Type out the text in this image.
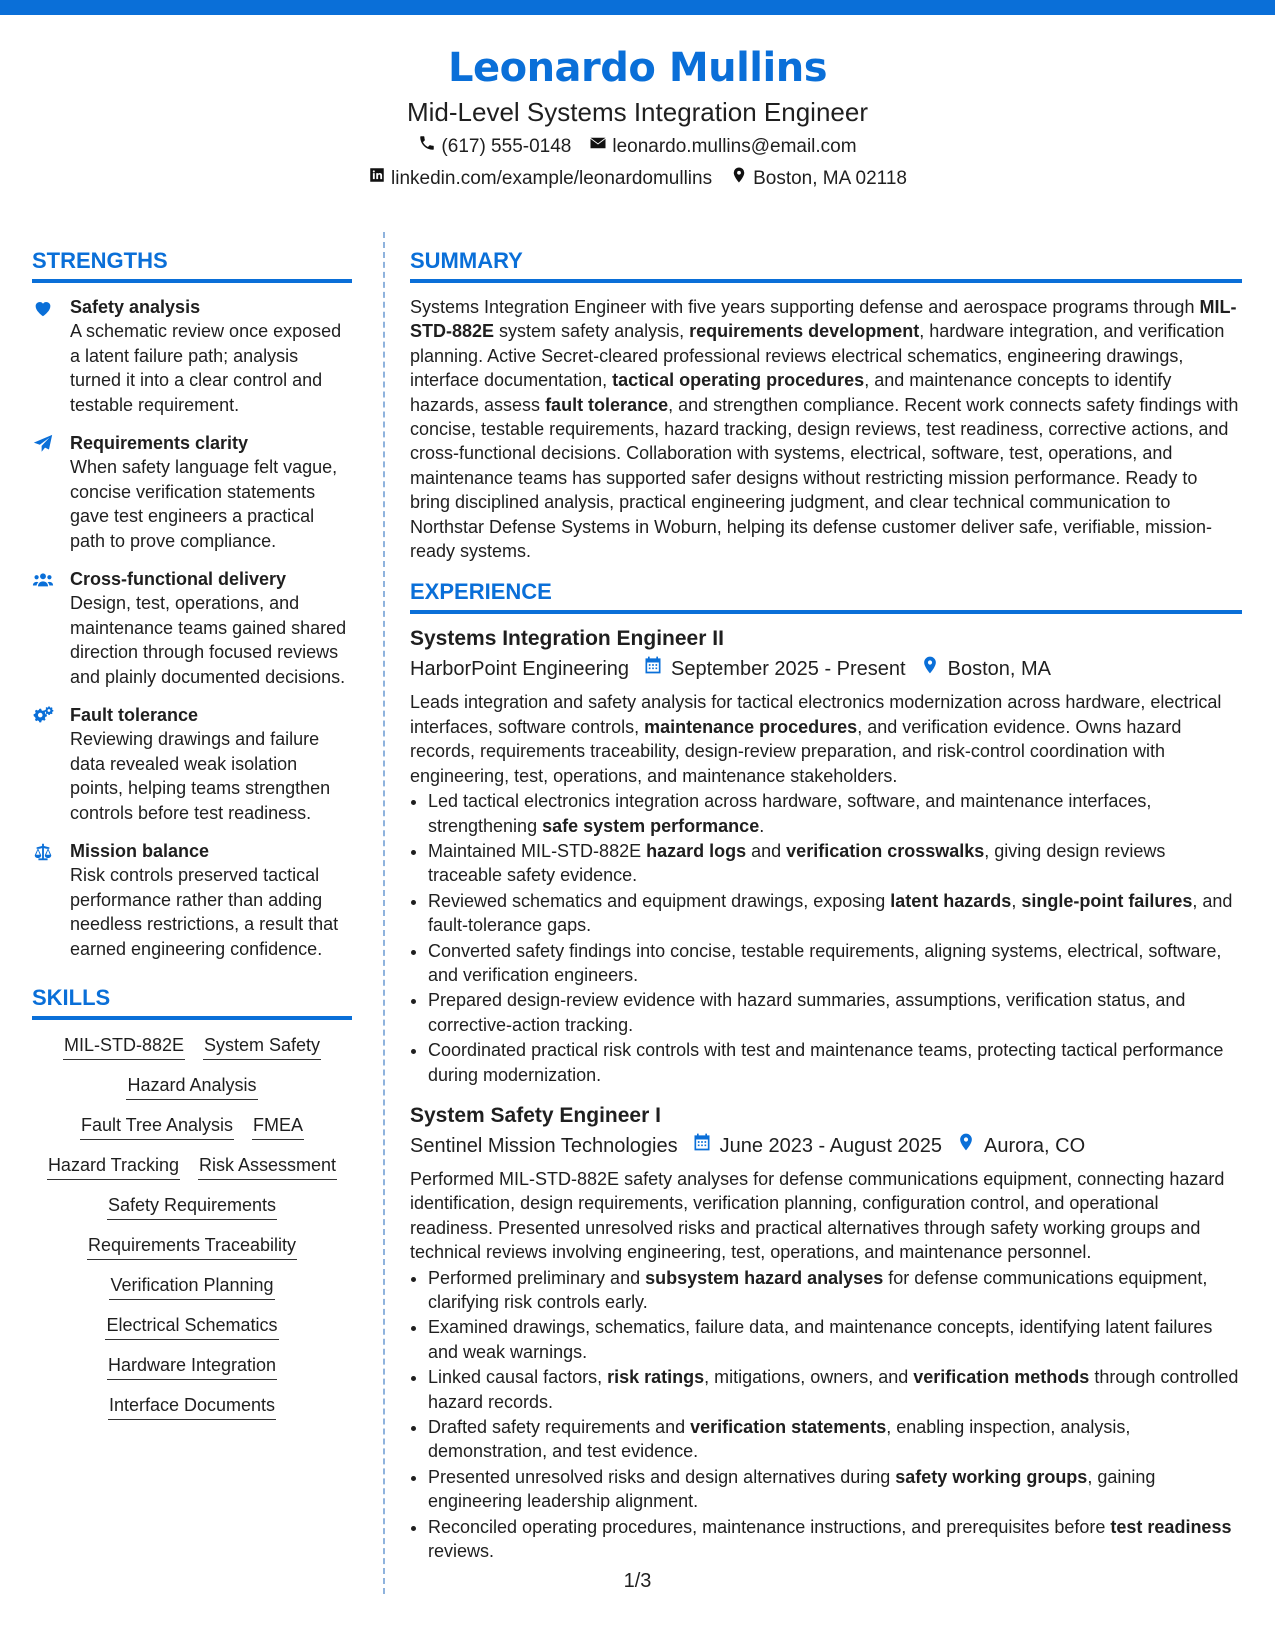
Leonardo Mullins
Mid-Level Systems Integration Engineer
(617) 555-0148 leonardo.mullins@email.com
linkedin.com/example/leonardomullins Boston, MA 02118
STRENGTHS
Safety analysis
A schematic review once exposed a latent failure path; analysis turned it into a clear control and testable requirement.
Requirements clarity
When safety language felt vague, concise verification statements gave test engineers a practical path to prove compliance.
Cross-functional delivery
Design, test, operations, and maintenance teams gained shared direction through focused reviews and plainly documented decisions.
Fault tolerance
Reviewing drawings and failure data revealed weak isolation points, helping teams strengthen controls before test readiness.
Mission balance
Risk controls preserved tactical performance rather than adding needless restrictions, a result that earned engineering confidence.
SKILLS
MIL-STD-882E System Safety
Hazard Analysis
Fault Tree Analysis FMEA
Hazard Tracking Risk Assessment
Safety Requirements
Requirements Traceability
Verification Planning
Electrical Schematics
Hardware Integration
Interface Documents
SUMMARY
Systems Integration Engineer with five years supporting defense and aerospace programs through MIL-STD-882E system safety analysis, requirements development, hardware integration, and verification planning. Active Secret-cleared professional reviews electrical schematics, engineering drawings, interface documentation, tactical operating procedures, and maintenance concepts to identify hazards, assess fault tolerance, and strengthen compliance. Recent work connects safety findings with concise, testable requirements, hazard tracking, design reviews, test readiness, corrective actions, and cross-functional decisions. Collaboration with systems, electrical, software, test, operations, and maintenance teams has supported safer designs without restricting mission performance. Ready to bring disciplined analysis, practical engineering judgment, and clear technical communication to Northstar Defense Systems in Woburn, helping its defense customer deliver safe, verifiable, mission-ready systems.
EXPERIENCE
Systems Integration Engineer II
HarborPoint Engineering September 2025 - Present Boston, MA
Leads integration and safety analysis for tactical electronics modernization across hardware, electrical interfaces, software controls, maintenance procedures, and verification evidence. Owns hazard records, requirements traceability, design-review preparation, and risk-control coordination with engineering, test, operations, and maintenance stakeholders.
• Led tactical electronics integration across hardware, software, and maintenance interfaces, strengthening safe system performance.
• Maintained MIL-STD-882E hazard logs and verification crosswalks, giving design reviews traceable safety evidence.
• Reviewed schematics and equipment drawings, exposing latent hazards, single-point failures, and fault-tolerance gaps.
• Converted safety findings into concise, testable requirements, aligning systems, electrical, software, and verification engineers.
• Prepared design-review evidence with hazard summaries, assumptions, verification status, and corrective-action tracking.
• Coordinated practical risk controls with test and maintenance teams, protecting tactical performance during modernization.
System Safety Engineer I
Sentinel Mission Technologies June 2023 - August 2025 Aurora, CO
Performed MIL-STD-882E safety analyses for defense communications equipment, connecting hazard identification, design requirements, verification planning, configuration control, and operational readiness. Presented unresolved risks and practical alternatives through safety working groups and technical reviews involving engineering, test, operations, and maintenance personnel.
• Performed preliminary and subsystem hazard analyses for defense communications equipment, clarifying risk controls early.
• Examined drawings, schematics, failure data, and maintenance concepts, identifying latent failures and weak warnings.
• Linked causal factors, risk ratings, mitigations, owners, and verification methods through controlled hazard records.
• Drafted safety requirements and verification statements, enabling inspection, analysis, demonstration, and test evidence.
• Presented unresolved risks and design alternatives during safety working groups, gaining engineering leadership alignment.
• Reconciled operating procedures, maintenance instructions, and prerequisites before test readiness reviews.
1/3
